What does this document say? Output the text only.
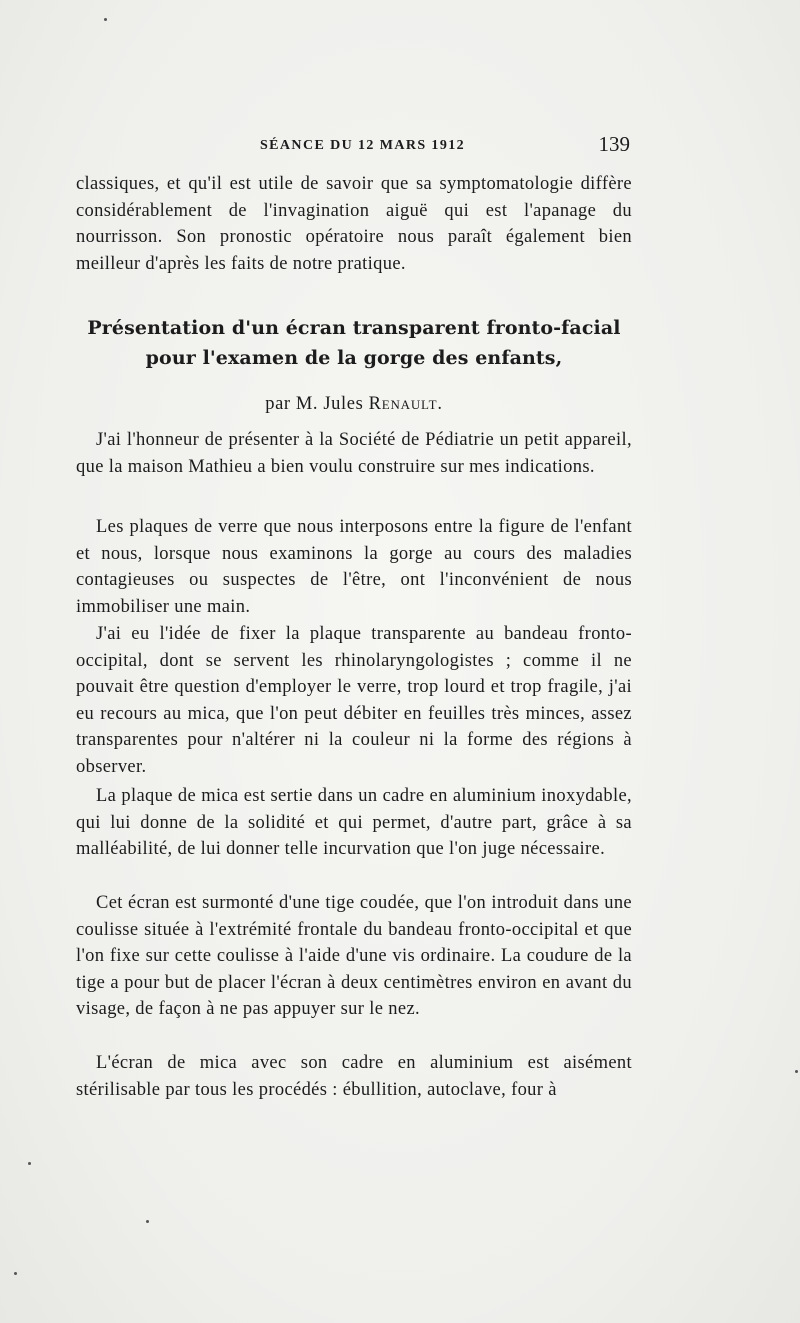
SÉANCE DU 12 MARS 1912	139

classiques, et qu'il est utile de savoir que sa symptomatologie diffère considérablement de l'invagination aiguë qui est l'apanage du nourrisson. Son pronostic opératoire nous paraît également bien meilleur d'après les faits de notre pratique.

Présentation d'un écran transparent fronto-facial pour l'examen de la gorge des enfants,

par M. Jules Renault.

J'ai l'honneur de présenter à la Société de Pédiatrie un petit appareil, que la maison Mathieu a bien voulu construire sur mes indications.

Les plaques de verre que nous interposons entre la figure de l'enfant et nous, lorsque nous examinons la gorge au cours des maladies contagieuses ou suspectes de l'être, ont l'inconvénient de nous immobiliser une main.

J'ai eu l'idée de fixer la plaque transparente au bandeau fronto-occipital, dont se servent les rhinolaryngologistes ; comme il ne pouvait être question d'employer le verre, trop lourd et trop fragile, j'ai eu recours au mica, que l'on peut débiter en feuilles très minces, assez transparentes pour n'altérer ni la couleur ni la forme des régions à observer.

La plaque de mica est sertie dans un cadre en aluminium inoxydable, qui lui donne de la solidité et qui permet, d'autre part, grâce à sa malléabilité, de lui donner telle incurvation que l'on juge nécessaire.

Cet écran est surmonté d'une tige coudée, que l'on introduit dans une coulisse située à l'extrémité frontale du bandeau fronto-occipital et que l'on fixe sur cette coulisse à l'aide d'une vis ordinaire. La coudure de la tige a pour but de placer l'écran à deux centimètres environ en avant du visage, de façon à ne pas appuyer sur le nez.

L'écran de mica avec son cadre en aluminium est aisément stérilisable par tous les procédés : ébullition, autoclave, four à
